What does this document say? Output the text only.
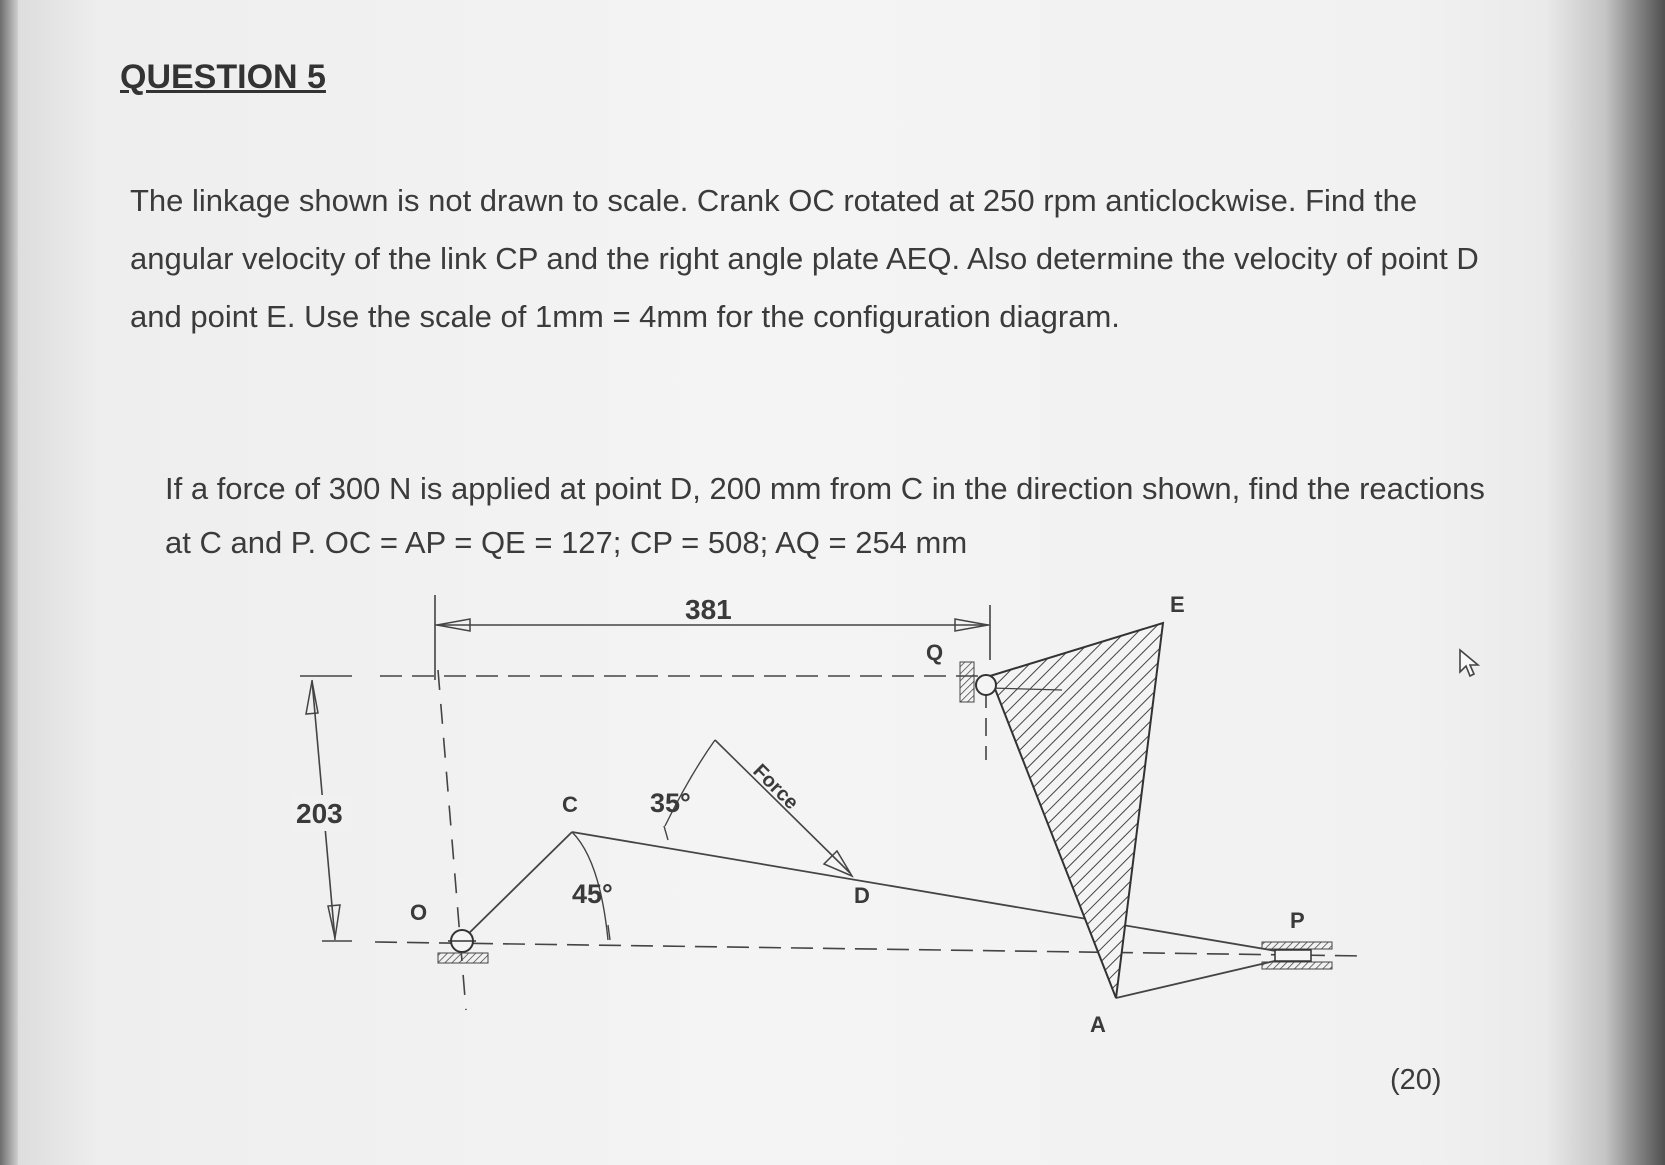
QUESTION 5
The linkage shown is not drawn to scale. Crank OC rotated at 250 rpm anticlockwise. Find the angular velocity of the link CP and the right angle plate AEQ. Also determine the velocity of point D and point E. Use the scale of 1mm = 4mm for the configuration diagram.
If a force of 300 N is applied at point D, 200 mm from C in the direction shown, find the reactions at C and P. OC = AP = QE = 127; CP = 508; AQ = 254 mm
381
203	Force
35°
45°
O
C
D
E
Q
A
P
(20)
